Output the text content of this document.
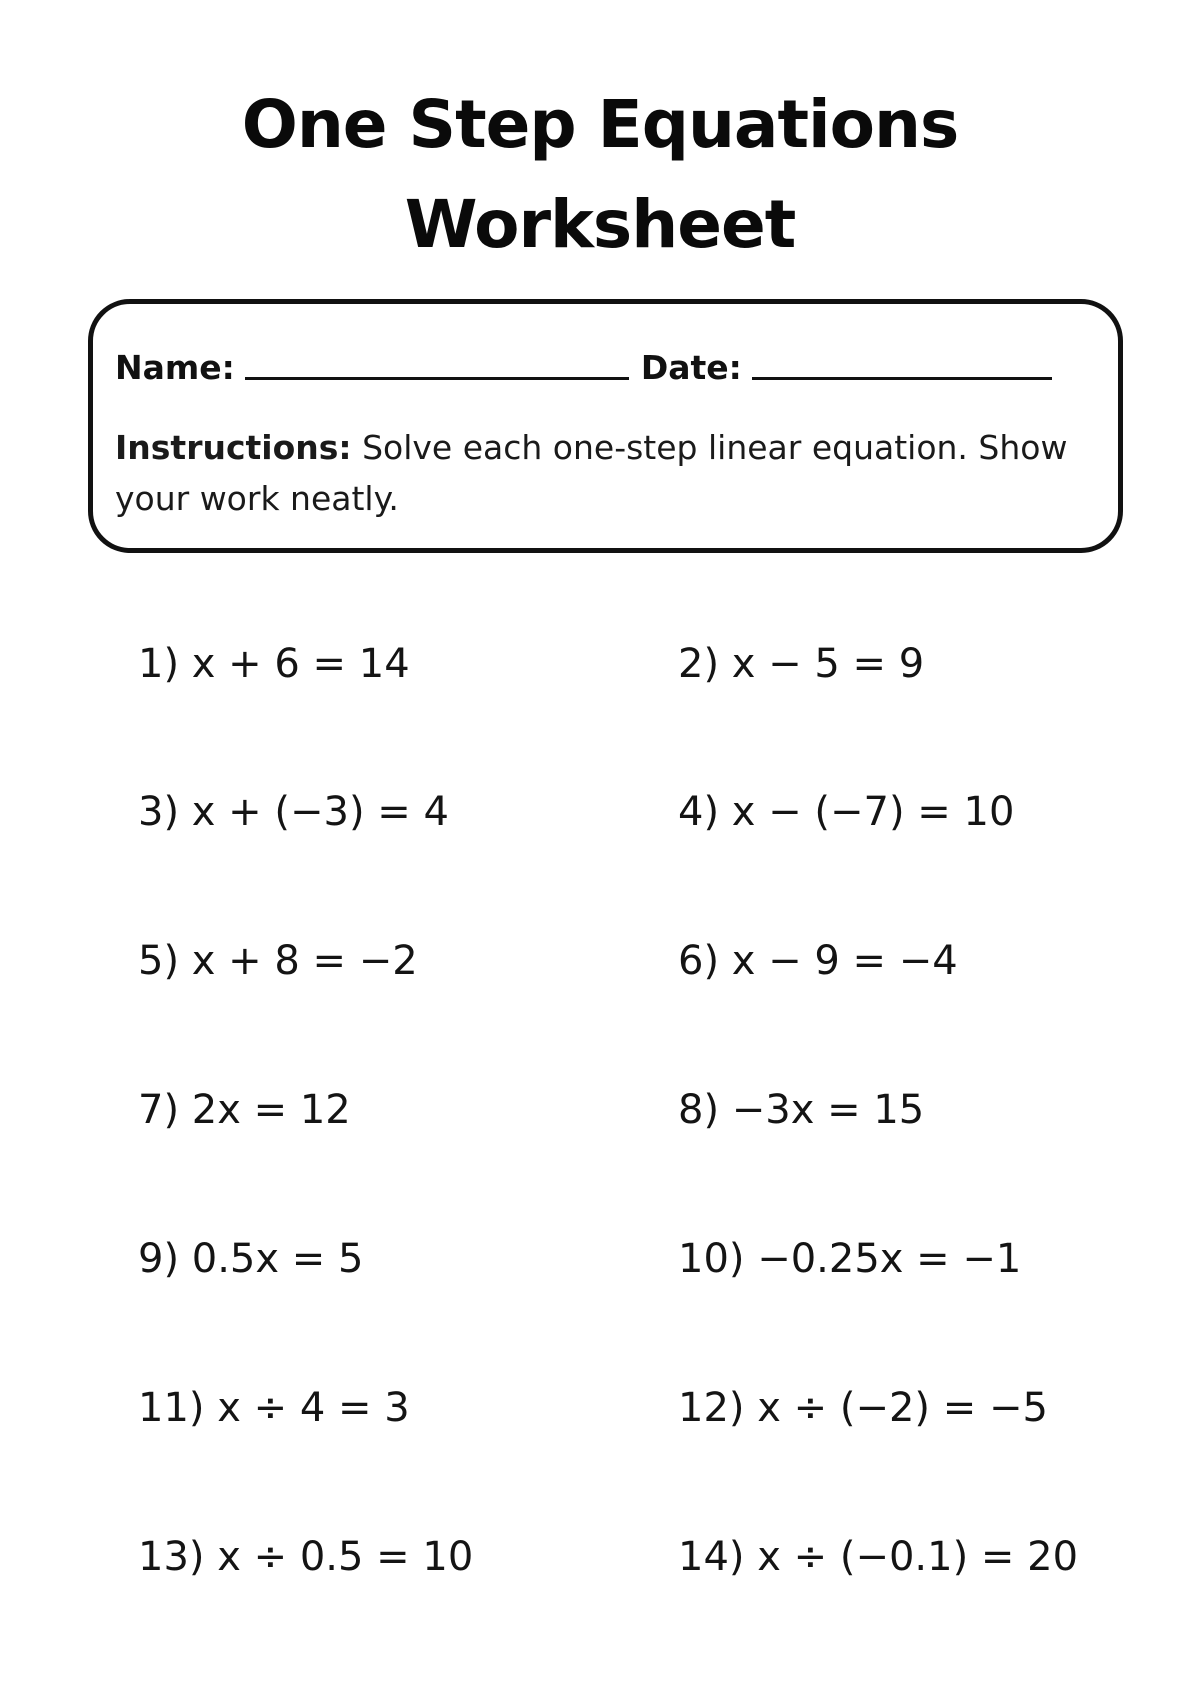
One Step Equations
Worksheet
Name:	Date:
Instructions: Solve each one-step linear equation. Show your work neatly.
1) x + 6 = 14	2) x − 5 = 9
3) x + (−3) = 4	4) x − (−7) = 10
5) x + 8 = −2	6) x − 9 = −4
7) 2x = 12	8) −3x = 15
9) 0.5x = 5	10) −0.25x = −1
11) x ÷ 4 = 3	12) x ÷ (−2) = −5
13) x ÷ 0.5 = 10	14) x ÷ (−0.1) = 20
